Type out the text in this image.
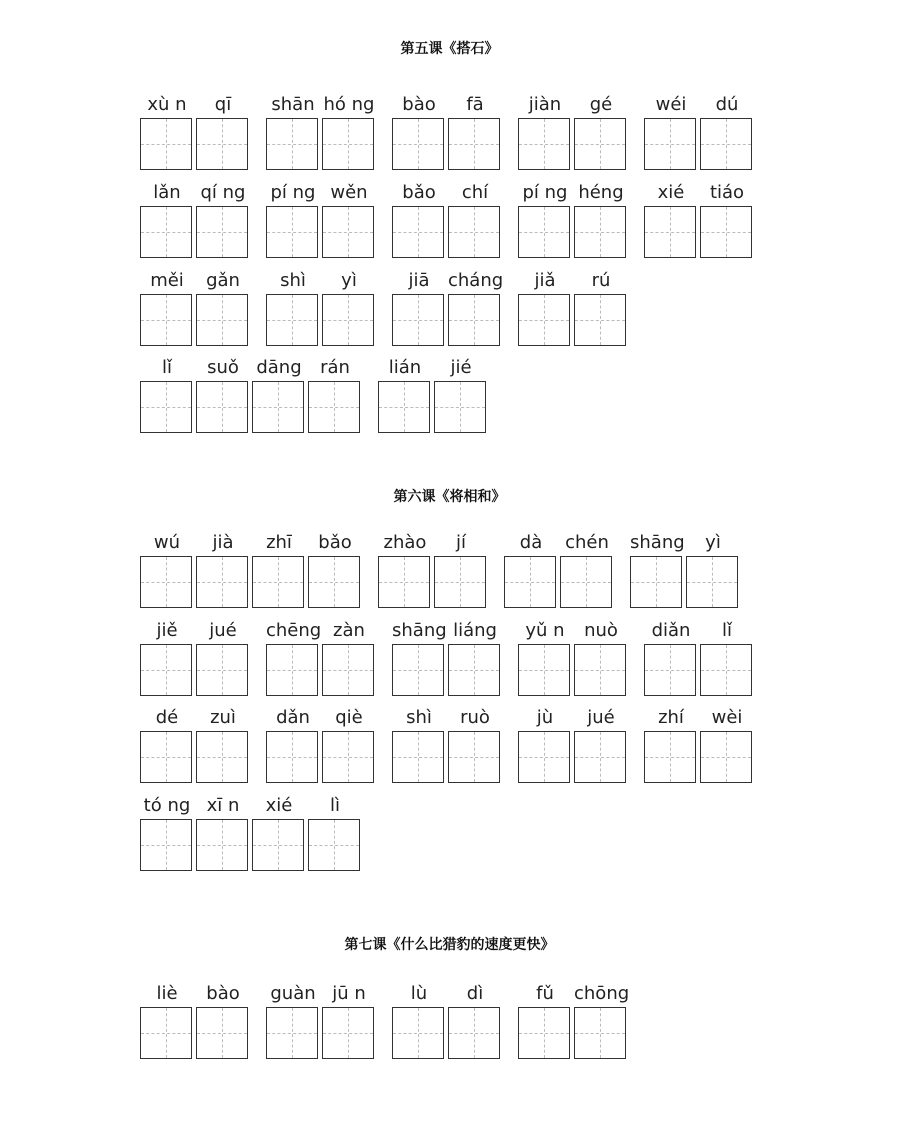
第五课《搭石》
xù n	qī	shān hó ng	bào	fā	jiàn	gé	wéi	dú
lǎn	qí ng pí ng wěn	bǎo	chí	pí ng héng	xié	tiáo
měi	gǎn	shì	yì	jiā	cháng	jiǎ	rú
lǐ	suǒ dāng	rán	lián	jié
第六课《将相和》
wú	jià	zhī	bǎo	zhào	jí	dà	chén shāng	yì
jiě	jué	chēng zàn	shāng liáng	yǔ n	nuò	diǎn	lǐ
dé	zuì	dǎn	qiè	shì	ruò	jù	jué	zhí	wèi
tó ng xī n	xié	lì
第七课《什么比猎豹的速度更快》
liè	bào	guàn jū n	lù	dì	fǔ	chōng
